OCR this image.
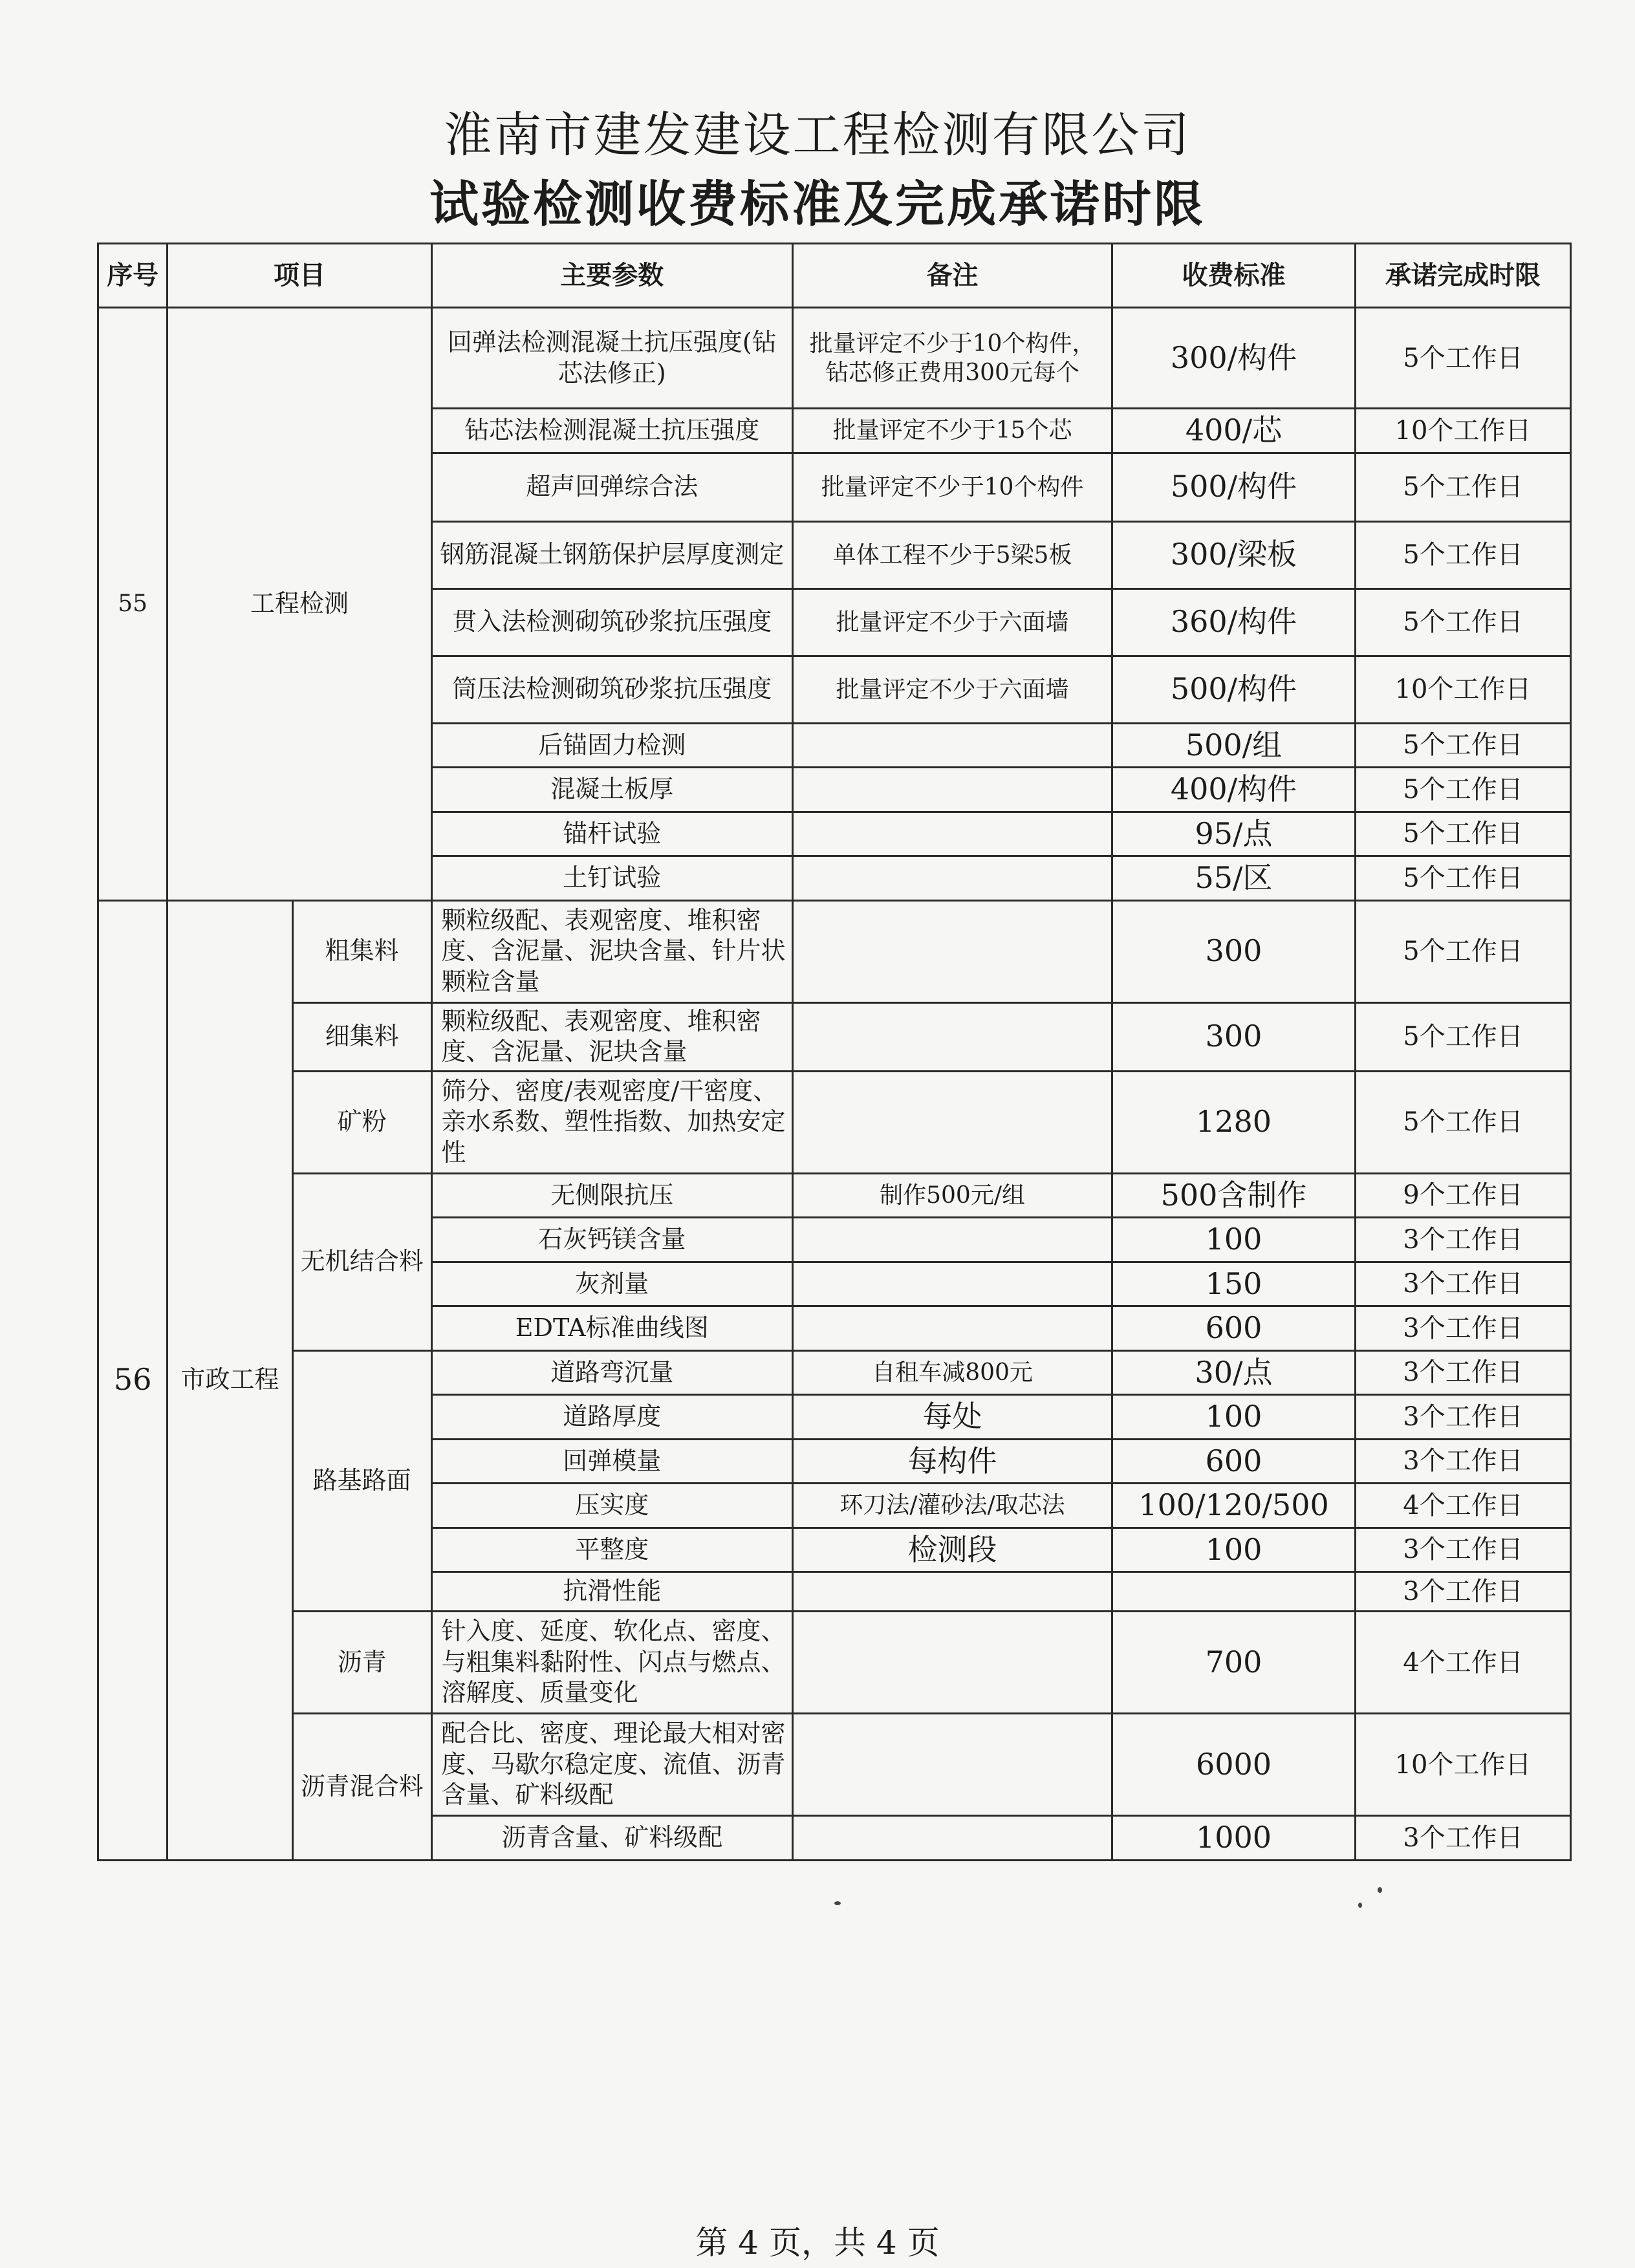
淮南市建发建设工程检测有限公司
试验检测收费标准及完成承诺时限
序号	项目		主要参数	备注	收费标准	承诺完成时限
55	工程检测		回弹法检测混凝土抗压强度(钻芯法修正)	批量评定不少于10个构件，钻芯修正费用300元每个	300/构件	5个工作日
			钻芯法检测混凝土抗压强度	批量评定不少于15个芯	400/芯	10个工作日
			超声回弹综合法	批量评定不少于10个构件	500/构件	5个工作日
			钢筋混凝土钢筋保护层厚度测定	单体工程不少于5梁5板	300/梁板	5个工作日
			贯入法检测砌筑砂浆抗压强度	批量评定不少于六面墙	360/构件	5个工作日
			筒压法检测砌筑砂浆抗压强度	批量评定不少于六面墙	500/构件	10个工作日
			后锚固力检测		500/组	5个工作日
			混凝土板厚		400/构件	5个工作日
			锚杆试验		95/点	5个工作日
			土钉试验		55/区	5个工作日
56	市政工程	粗集料	颗粒级配、表观密度、堆积密度、含泥量、泥块含量、针片状颗粒含量		300	5个工作日
		细集料	颗粒级配、表观密度、堆积密度、含泥量、泥块含量		300	5个工作日
		矿粉	筛分、密度/表观密度/干密度、亲水系数、塑性指数、加热安定性		1280	5个工作日
		无机结合料	无侧限抗压	制作500元/组	500含制作	9个工作日
			石灰钙镁含量		100	3个工作日
			灰剂量		150	3个工作日
			EDTA标准曲线图		600	3个工作日
		路基路面	道路弯沉量	自租车减800元	30/点	3个工作日
			道路厚度	每处	100	3个工作日
			回弹模量	每构件	600	3个工作日
			压实度	环刀法/灌砂法/取芯法	100/120/500	4个工作日
			平整度	检测段	100	3个工作日
			抗滑性能			3个工作日
		沥青	针入度、延度、软化点、密度、与粗集料黏附性、闪点与燃点、溶解度、质量变化		700	4个工作日
		沥青混合料	配合比、密度、理论最大相对密度、马歇尔稳定度、流值、沥青含量、矿料级配		6000	10个工作日
			沥青含量、矿料级配		1000	3个工作日
第 4 页，共 4 页
